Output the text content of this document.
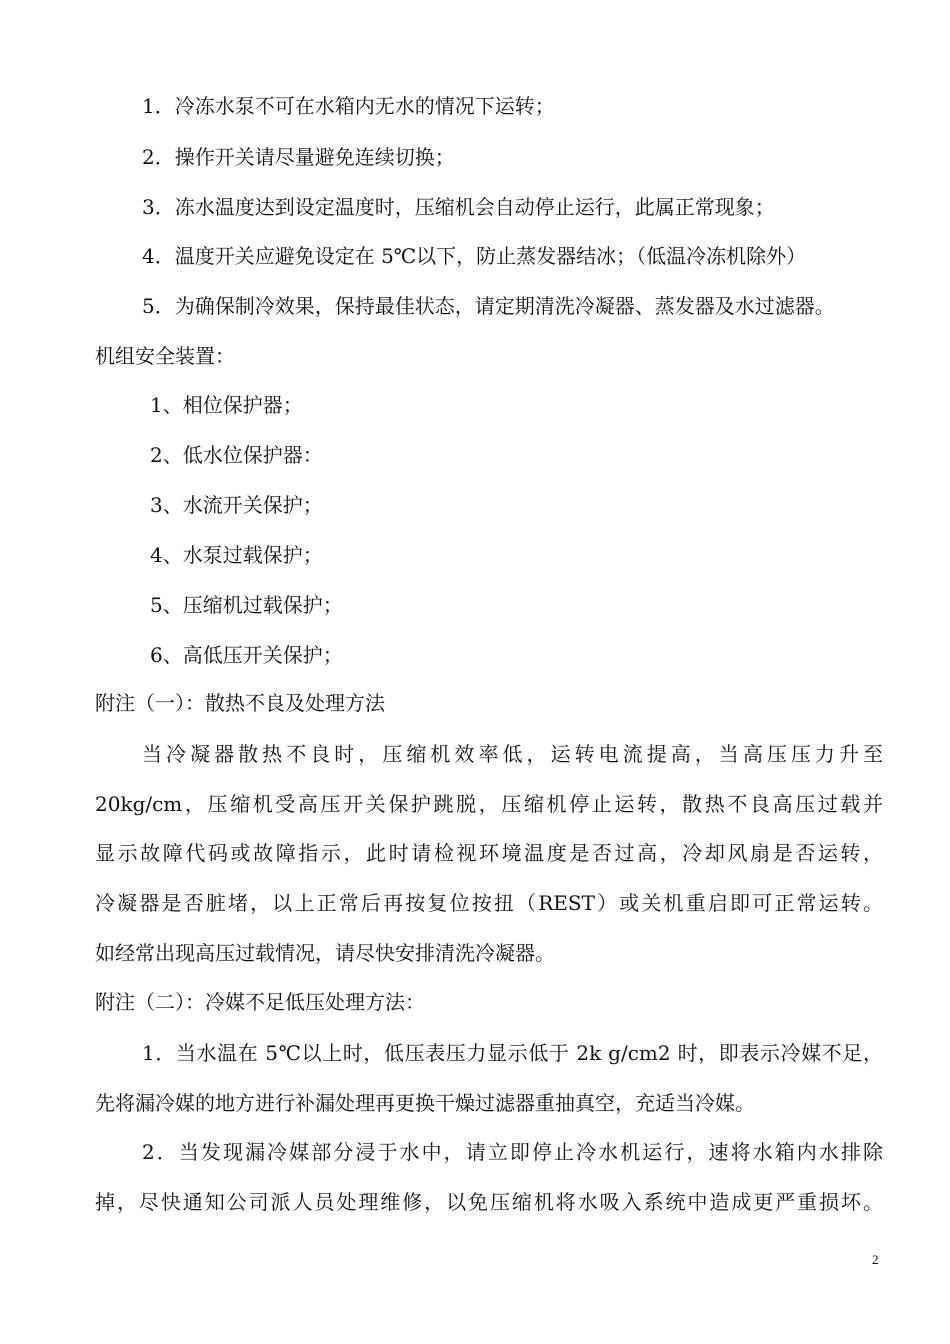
1．冷冻水泵不可在水箱内无水的情况下运转；
2．操作开关请尽量避免连续切换；
3．冻水温度达到设定温度时，压缩机会自动停止运行，此属正常现象；
4．温度开关应避免设定在 5℃以下，防止蒸发器结冰；（低温冷冻机除外）
5．为确保制冷效果，保持最佳状态，请定期清洗冷凝器、蒸发器及水过滤器。
机组安全装置：
1、相位保护器；
2、低水位保护器：
3、水流开关保护；
4、水泵过载保护；
5、压缩机过载保护；
6、高低压开关保护；
附注（一）：散热不良及处理方法
当冷凝器散热不良时，压缩机效率低，运转电流提高，当高压压力升至
20kg/cm，压缩机受高压开关保护跳脱，压缩机停止运转，散热不良高压过载并
显示故障代码或故障指示，此时请检视环境温度是否过高，冷却风扇是否运转，
冷凝器是否脏堵，以上正常后再按复位按扭（REST）或关机重启即可正常运转。
如经常出现高压过载情况，请尽快安排清洗冷凝器。
附注（二）：冷媒不足低压处理方法：
1．当水温在 5℃以上时，低压表压力显示低于 2k g/cm2 时，即表示冷媒不足，
先将漏冷媒的地方进行补漏处理再更换干燥过滤器重抽真空，充适当冷媒。
2．当发现漏冷媒部分浸于水中，请立即停止冷水机运行，速将水箱内水排除
掉，尽快通知公司派人员处理维修，以免压缩机将水吸入系统中造成更严重损坏。
2
